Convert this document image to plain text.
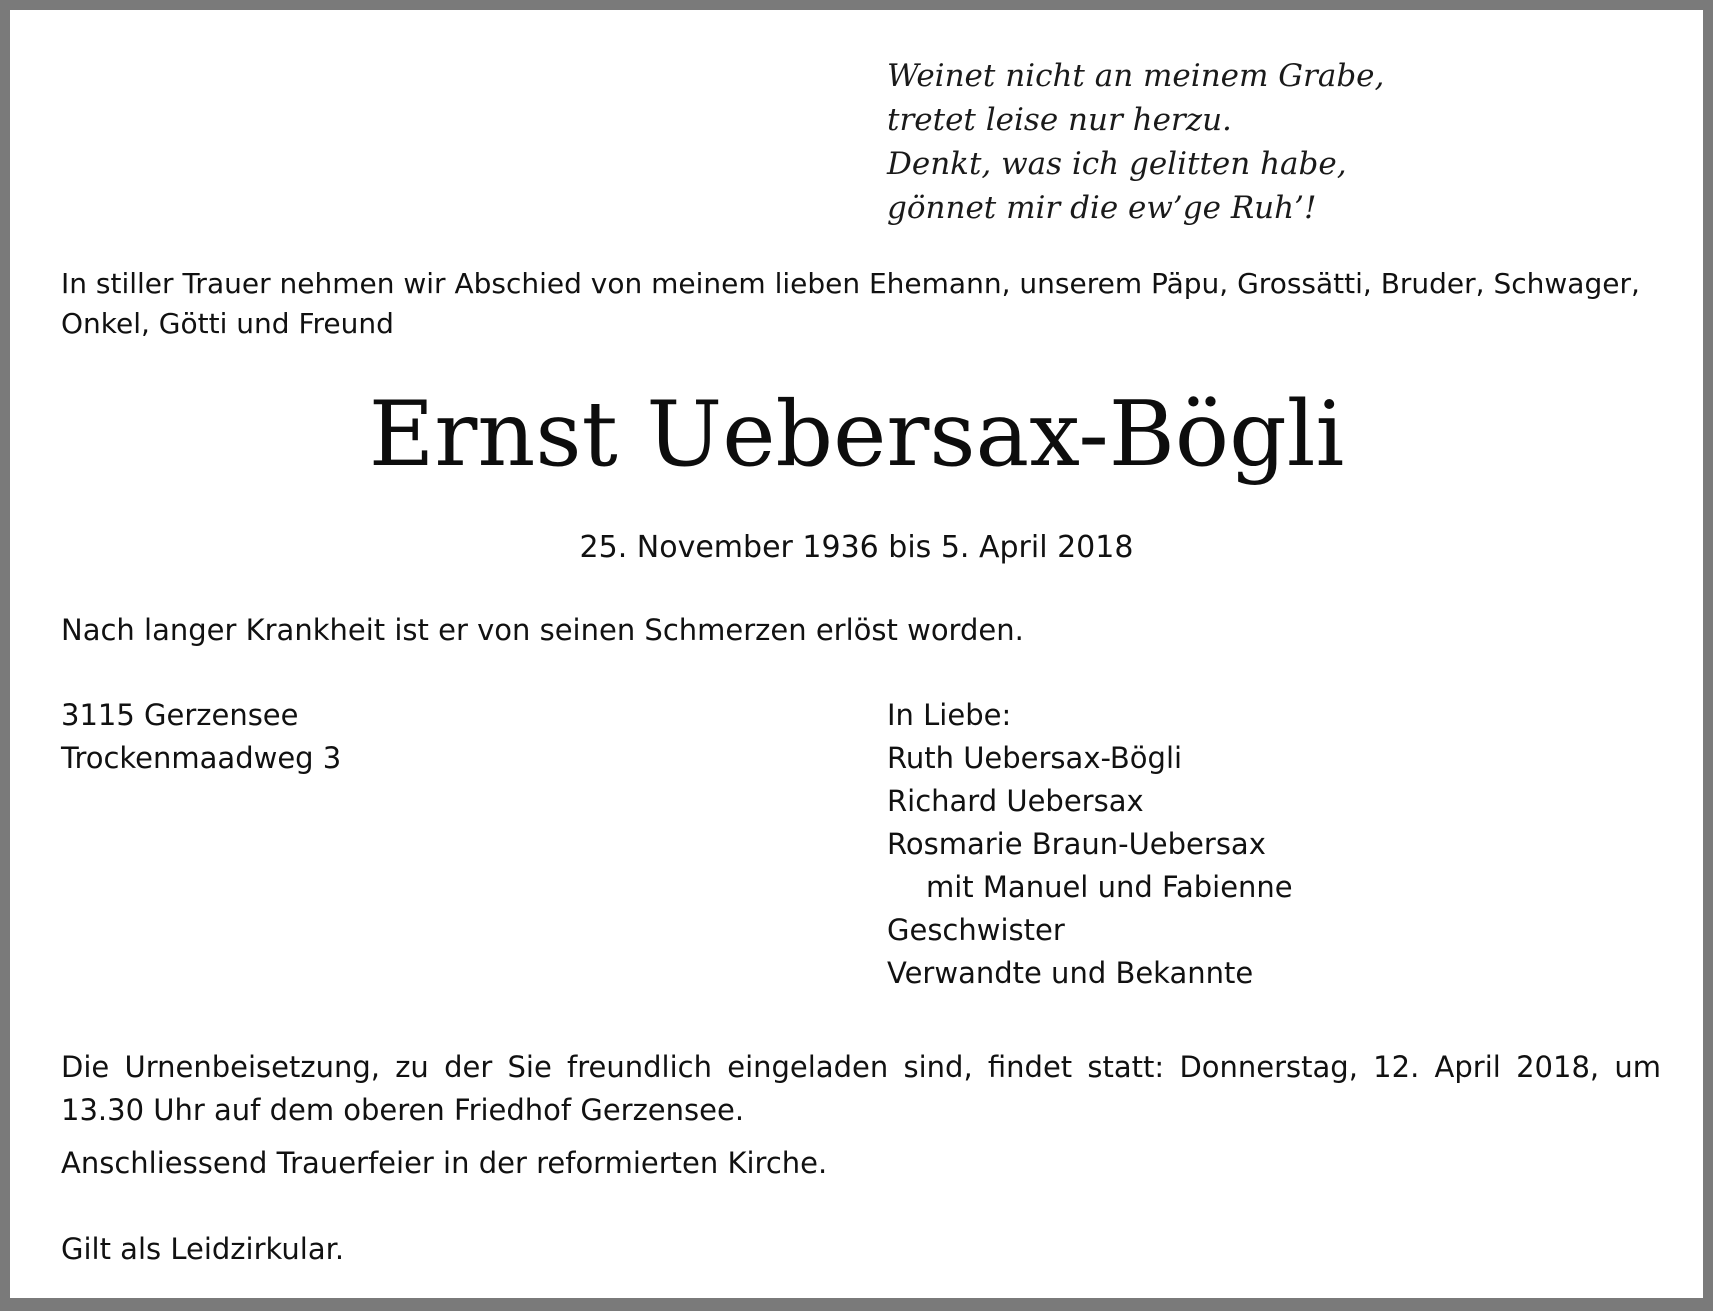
Weinet nicht an meinem Grabe,
tretet leise nur herzu.
Denkt, was ich gelitten habe,
gönnet mir die ew’ge Ruh’!
In stiller Trauer nehmen wir Abschied von meinem lieben Ehemann, unserem Päpu, Grossätti, Bruder, Schwager,
Onkel, Götti und Freund
Ernst Uebersax-Bögli
25. November 1936 bis 5. April 2018
Nach langer Krankheit ist er von seinen Schmerzen erlöst worden.
3115 Gerzensee
Trockenmaadweg 3
In Liebe:
Ruth Uebersax-Bögli
Richard Uebersax
Rosmarie Braun-Uebersax
mit Manuel und Fabienne
Geschwister
Verwandte und Bekannte
Die Urnenbeisetzung, zu der Sie freundlich eingeladen sind, findet statt: Donnerstag, 12. April 2018, um
13.30 Uhr auf dem oberen Friedhof Gerzensee.
Anschliessend Trauerfeier in der reformierten Kirche.
Gilt als Leidzirkular.
